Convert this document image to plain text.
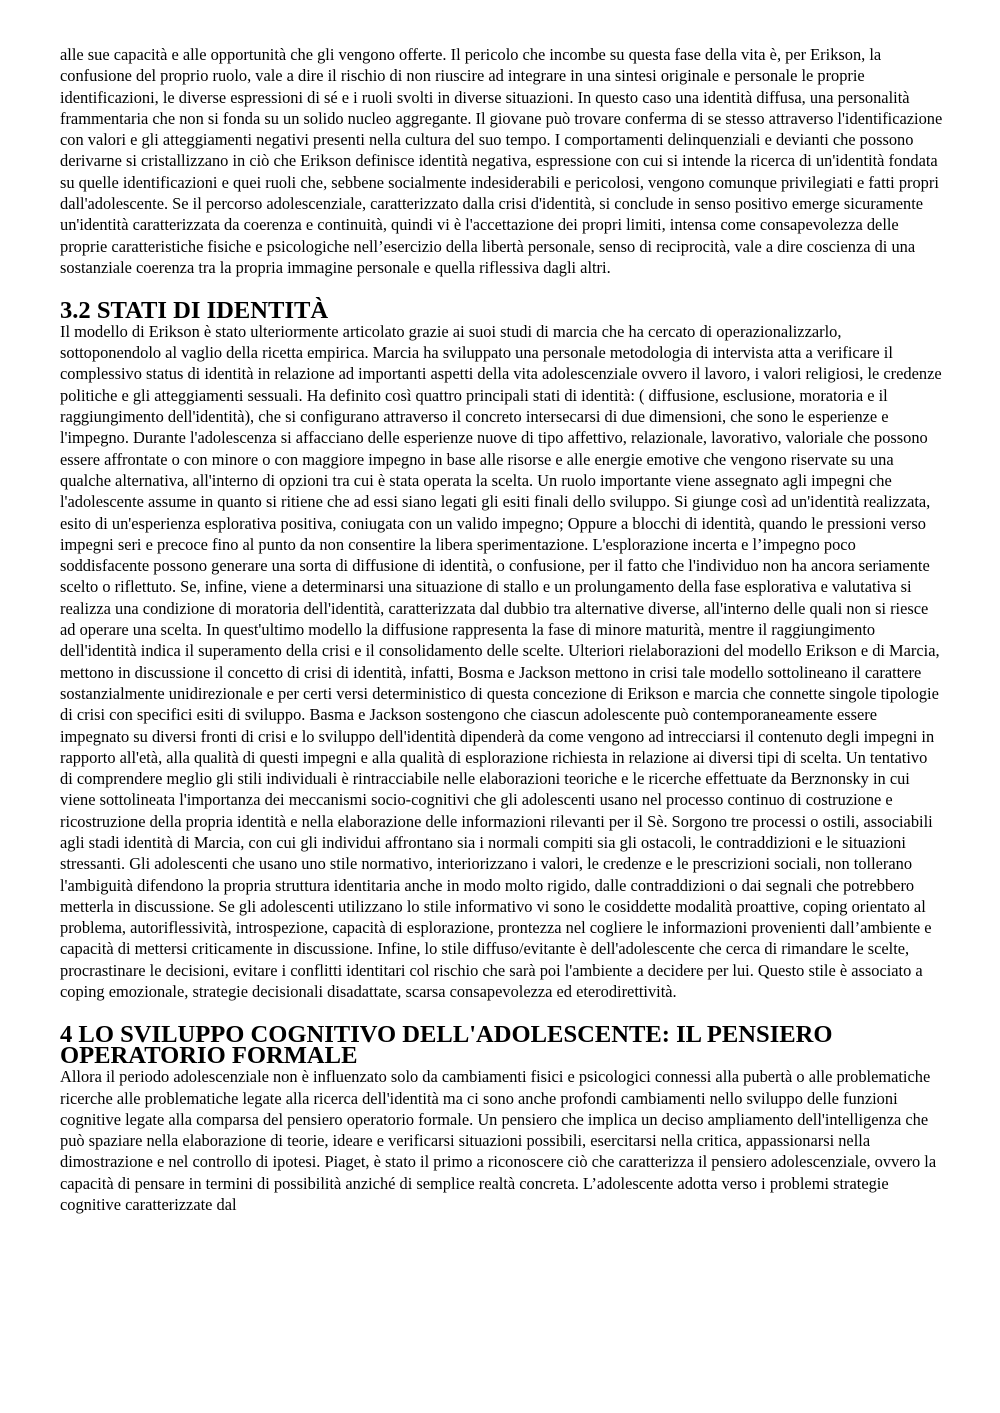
alle sue capacità e alle opportunità che gli vengono offerte. Il pericolo che incombe su questa fase della vita è, per Erikson, la confusione del proprio ruolo, vale a dire il rischio di non riuscire ad integrare in una sintesi originale e personale le proprie identificazioni, le diverse espressioni di sé e i ruoli svolti in diverse situazioni. In questo caso una identità diffusa, una personalità frammentaria che non si fonda su un solido nucleo aggregante. Il giovane può trovare conferma di se stesso attraverso l'identificazione con valori e gli atteggiamenti negativi presenti nella cultura del suo tempo. I comportamenti delinquenziali e devianti che possono derivarne si cristallizzano in ciò che Erikson definisce identità negativa, espressione con cui si intende la ricerca di un'identità fondata su quelle identificazioni e quei ruoli che, sebbene socialmente indesiderabili e pericolosi, vengono comunque privilegiati e fatti propri dall'adolescente. Se il percorso adolescenziale, caratterizzato dalla crisi d'identità, si conclude in senso positivo emerge sicuramente un'identità caratterizzata da coerenza e continuità, quindi vi è l'accettazione dei propri limiti, intensa come consapevolezza delle proprie caratteristiche fisiche e psicologiche nell’esercizio della libertà personale, senso di reciprocità, vale a dire coscienza di una sostanziale coerenza tra la propria immagine personale e quella riflessiva dagli altri.

3.2 STATI DI IDENTITÀ

Il modello di Erikson è stato ulteriormente articolato grazie ai suoi studi di marcia che ha cercato di operazionalizzarlo, sottoponendolo al vaglio della ricetta empirica. Marcia ha sviluppato una personale metodologia di intervista atta a verificare il complessivo status di identità in relazione ad importanti aspetti della vita adolescenziale ovvero il lavoro, i valori religiosi, le credenze politiche e gli atteggiamenti sessuali. Ha definito così quattro principali stati di identità: ( diffusione, esclusione, moratoria e il raggiungimento dell'identità), che si configurano attraverso il concreto intersecarsi di due dimensioni, che sono le esperienze e l'impegno. Durante l'adolescenza si affacciano delle esperienze nuove di tipo affettivo, relazionale, lavorativo, valoriale che possono essere affrontate o con minore o con maggiore impegno in base alle risorse e alle energie emotive che vengono riservate su una qualche alternativa, all'interno di opzioni tra cui è stata operata la scelta. Un ruolo importante viene assegnato agli impegni che l'adolescente assume in quanto si ritiene che ad essi siano legati gli esiti finali dello sviluppo. Si giunge così ad un'identità realizzata, esito di un'esperienza esplorativa positiva, coniugata con un valido impegno; Oppure a blocchi di identità, quando le pressioni verso impegni seri e precoce fino al punto da non consentire la libera sperimentazione. L'esplorazione incerta e l’impegno poco soddisfacente possono generare una sorta di diffusione di identità, o confusione, per il fatto che l'individuo non ha ancora seriamente scelto o riflettuto. Se, infine, viene a determinarsi una situazione di stallo e un prolungamento della fase esplorativa e valutativa si realizza una condizione di moratoria dell'identità, caratterizzata dal dubbio tra alternative diverse, all'interno delle quali non si riesce ad operare una scelta. In quest'ultimo modello la diffusione rappresenta la fase di minore maturità, mentre il raggiungimento dell'identità indica il superamento della crisi e il consolidamento delle scelte. Ulteriori rielaborazioni del modello Erikson e di Marcia, mettono in discussione il concetto di crisi di identità, infatti, Bosma e Jackson mettono in crisi tale modello sottolineano il carattere sostanzialmente unidirezionale e per certi versi deterministico di questa concezione di Erikson e marcia che connette singole tipologie di crisi con specifici esiti di sviluppo. Basma e Jackson sostengono che ciascun adolescente può contemporaneamente essere impegnato su diversi fronti di crisi e lo sviluppo dell'identità dipenderà da come vengono ad intrecciarsi il contenuto degli impegni in rapporto all'età, alla qualità di questi impegni e alla qualità di esplorazione richiesta in relazione ai diversi tipi di scelta. Un tentativo di comprendere meglio gli stili individuali è rintracciabile nelle elaborazioni teoriche e le ricerche effettuate da Berznonsky in cui viene sottolineata l'importanza dei meccanismi socio-cognitivi che gli adolescenti usano nel processo continuo di costruzione e ricostruzione della propria identità e nella elaborazione delle informazioni rilevanti per il Sè. Sorgono tre processi o ostili, associabili agli stadi identità di Marcia, con cui gli individui affrontano sia i normali compiti sia gli ostacoli, le contraddizioni e le situazioni stressanti. Gli adolescenti che usano uno stile normativo, interiorizzano i valori, le credenze e le prescrizioni sociali, non tollerano l'ambiguità difendono la propria struttura identitaria anche in modo molto rigido, dalle contraddizioni o dai segnali che potrebbero metterla in discussione. Se gli adolescenti utilizzano lo stile informativo vi sono le cosiddette modalità proattive, coping orientato al problema, autoriflessività, introspezione, capacità di esplorazione, prontezza nel cogliere le informazioni provenienti dall’ambiente e capacità di mettersi criticamente in discussione. Infine, lo stile diffuso/evitante è dell'adolescente che cerca di rimandare le scelte, procrastinare le decisioni, evitare i conflitti identitari col rischio che sarà poi l'ambiente a decidere per lui. Questo stile è associato a coping emozionale, strategie decisionali disadattate, scarsa consapevolezza ed eterodirettività.

4 LO SVILUPPO COGNITIVO DELL'ADOLESCENTE: IL PENSIERO OPERATORIO FORMALE

Allora il periodo adolescenziale non è influenzato solo da cambiamenti fisici e psicologici connessi alla pubertà o alle problematiche ricerche alle problematiche legate alla ricerca dell'identità ma ci sono anche profondi cambiamenti nello sviluppo delle funzioni cognitive legate alla comparsa del pensiero operatorio formale. Un pensiero che implica un deciso ampliamento dell'intelligenza che può spaziare nella elaborazione di teorie, ideare e verificarsi situazioni possibili, esercitarsi nella critica, appassionarsi nella dimostrazione e nel controllo di ipotesi. Piaget, è stato il primo a riconoscere ciò che caratterizza il pensiero adolescenziale, ovvero la capacità di pensare in termini di possibilità anziché di semplice realtà concreta. L’adolescente adotta verso i problemi strategie cognitive caratterizzate dal
